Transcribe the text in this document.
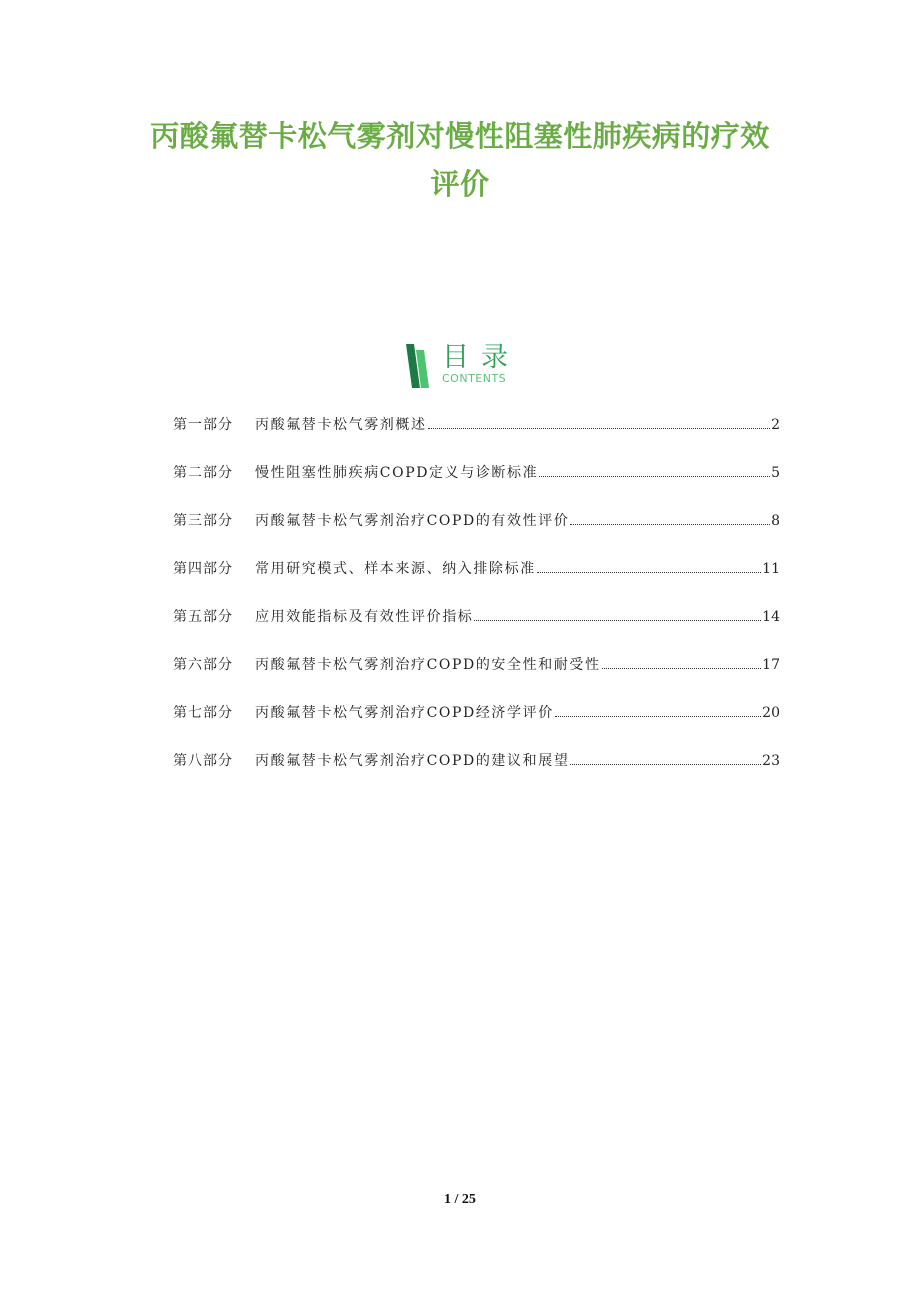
丙酸氟替卡松气雾剂对慢性阻塞性肺疾病的疗效评价
目录
CONTENTS
第一部分	丙酸氟替卡松气雾剂概述	2
第二部分	慢性阻塞性肺疾病COPD定义与诊断标准	5
第三部分	丙酸氟替卡松气雾剂治疗COPD的有效性评价	8
第四部分	常用研究模式、样本来源、纳入排除标准	11
第五部分	应用效能指标及有效性评价指标	14
第六部分	丙酸氟替卡松气雾剂治疗COPD的安全性和耐受性	17
第七部分	丙酸氟替卡松气雾剂治疗COPD经济学评价	20
第八部分	丙酸氟替卡松气雾剂治疗COPD的建议和展望	23
1 / 25
